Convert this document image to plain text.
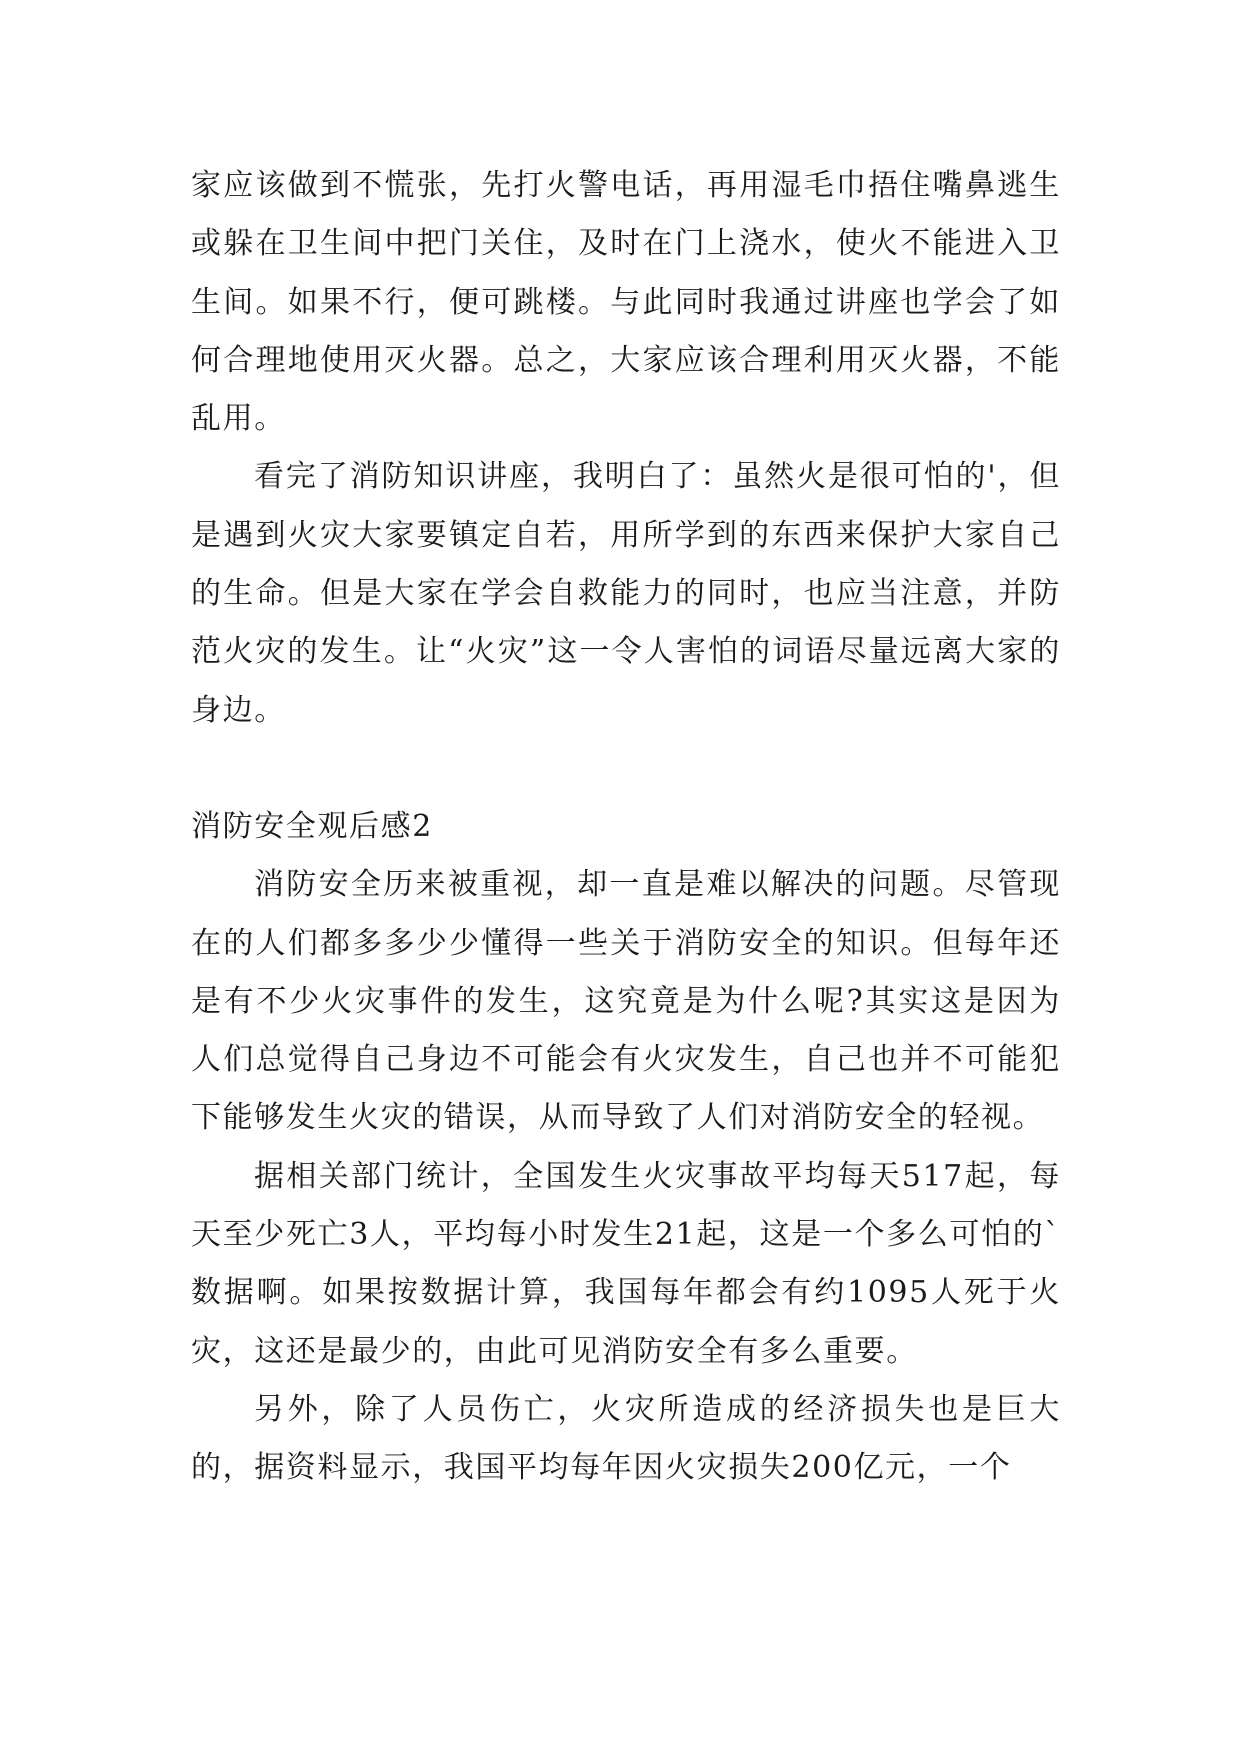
家应该做到不慌张，先打火警电话，再用湿毛巾捂住嘴鼻逃生或躲在卫生间中把门关住，及时在门上浇水，使火不能进入卫生间。如果不行，便可跳楼。与此同时我通过讲座也学会了如何合理地使用灭火器。总之，大家应该合理利用灭火器，不能乱用。

看完了消防知识讲座，我明白了：虽然火是很可怕的'，但是遇到火灾大家要镇定自若，用所学到的东西来保护大家自己的生命。但是大家在学会自救能力的同时，也应当注意，并防范火灾的发生。让“火灾”这一令人害怕的词语尽量远离大家的身边。

消防安全观后感2

消防安全历来被重视，却一直是难以解决的问题。尽管现在的人们都多多少少懂得一些关于消防安全的知识。但每年还是有不少火灾事件的发生，这究竟是为什么呢?其实这是因为人们总觉得自己身边不可能会有火灾发生，自己也并不可能犯下能够发生火灾的错误，从而导致了人们对消防安全的轻视。

据相关部门统计，全国发生火灾事故平均每天517起，每天至少死亡3人，平均每小时发生21起，这是一个多么可怕的`数据啊。如果按数据计算，我国每年都会有约1095人死于火灾，这还是最少的，由此可见消防安全有多么重要。

另外，除了人员伤亡，火灾所造成的经济损失也是巨大的，据资料显示，我国平均每年因火灾损失200亿元，一个
